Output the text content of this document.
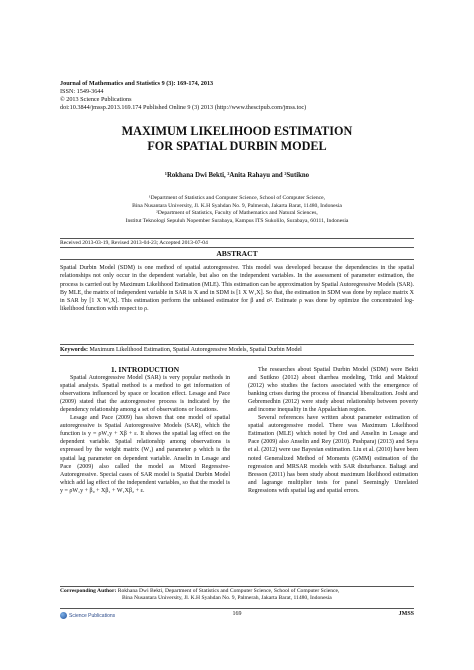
Journal of Mathematics and Statistics 9 (3): 169-174, 2013
ISSN: 1549-3644
© 2013 Science Publications
doi:10.3844/jmssp.2013.169.174 Published Online 9 (3) 2013 (http://www.thescipub.com/jmss.toc)
MAXIMUM LIKELIHOOD ESTIMATION
FOR SPATIAL DURBIN MODEL
¹Rokhana Dwi Bekti, ²Anita Rahayu and ²Sutikno
¹Department of Statistics and Computer Science, School of Computer Science,
Bina Nusantara University, Jl. K.H Syahdan No. 9, Palmerah, Jakarta Barat, 11480, Indonesia
²Department of Statistics, Faculty of Mathematics and Natural Sciences,
Institut Teknologi Sepuluh Nopember Surabaya, Kampus ITS Sukolilo, Surabaya, 60111, Indonesia
Received 2013-03-19, Revised 2013-04-23; Accepted 2013-07-04
ABSTRACT
Spatial Durbin Model (SDM) is one method of spatial autoregressive. This model was developed because the dependencies in the spatial relationships not only occur in the dependent variable, but also on the independent variables. In the assessment of parameter estimation, the process is carried out by Maximum Likelihood Estimation (MLE). This estimation can be approximation by Spatial Autoregressive Models (SAR). By MLE, the matrix of independent variable in SAR is X and in SDM is [1 X W₁X]. So that, the estimation in SDM was done by replace matrix X in SAR by [1 X W₁X]. This estimation perform the unbiased estimator for β and σ². Estimate ρ was done by optimize the concentrated log-likelihood function with respect to ρ.
Keywords: Maximum Likelihood Estimation, Spatial Autoregressive Models, Spatial Durbin Model

1. INTRODUCTION

Spatial Autoregressive Model (SAR) is very popular methods in spatial analysis. Spatial method is a method to get information of observations influenced by space or location effect. Lesage and Pace (2009) stated that the autoregressive process is indicated by the dependency relationship among a set of observations or locations.

Lesage and Pace (2009) has shown that one model of spatial autoregressive is Spatial Autoregressive Models (SAR), which the function is y = ρW₁y + Xβ + ε. It shows the spatial lag effect on the dependent variable. Spatial relationship among observations is expressed by the weight matrix (W₁) and parameter ρ which is the spatial lag parameter on dependent variable. Anselin in Lesage and Pace (2009) also called the model as Mixed Regressive-Autoregressive. Special cases of SAR model is Spatial Durbin Model which add lag effect of the independent variables, so that the model is y = ρW₁y + β₀ + Xβ₁ + W₁Xβ₂ + ε.

The researches about Spatial Durbin Model (SDM) were Bekti and Sutikno (2012) about diarrhea modeling, Triki and Maktouf (2012) who studies the factors associated with the emergence of banking crises during the process of financial liberalization. Joshi and Gebremedhin (2012) were study about relationship between poverty and income inequality in the Appalachian region.

Several references have written about parameter estimation of spatial autoregressive model. There was Maximum Likelihood Estimation (MLE) which noted by Ord and Anselin in Lesage and Pace (2009) also Anselin and Rey (2010). Pushparaj (2013) and Seya et al. (2012) were use Bayesian estimation. Liu et al. (2010) have been noted Generalized Method of Moments (GMM) estimation of the regression and MRSAR models with SAR disturbance. Baltagi and Bresson (2011) has been study about maximum likelihood estimation and lagrange multiplier tests for panel Seemingly Unrelated Regressions with spatial lag and spatial errors.

Corresponding Author: Rokhana Dwi Bekti, Department of Statistics and Computer Science, School of Computer Science,
Bina Nusantara University, Jl. K.H Syahdan No. 9, Palmerah, Jakarta Barat, 11480, Indonesia
Science Publications	169	JMSS
